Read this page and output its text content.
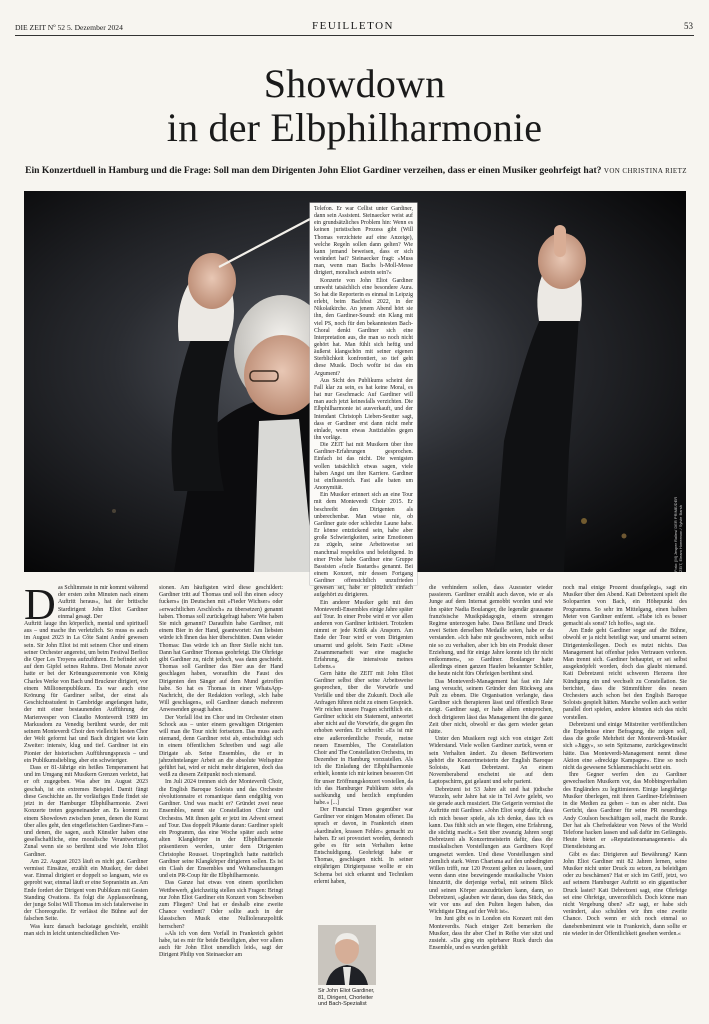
DIE ZEIT Nº 52 5. Dezember 2024	FEUILLETON	53
Showdown
in der Elbphilharmonie
Ein Konzertduell in Hamburg und die Frage: Soll man dem Dirigenten John Eliot Gardiner verzeihen, dass er einen Musiker geohrfeigt hat? VON CHRISTINA RIETZ
Foto: [M] Jesper Ralles/ DER PRIME/DER ZEIT, Eleam Hoeeenon / Sylvie Barsh

Telefon. Er war Cellist unter Gardiner, dann sein Assistent. Steinaecker weist auf ein grundsätzliches Problem hin: Wenn es keinen juristischen Prozess gibt (Will Thomas verzichtete auf eine Anzeige), welche Regeln sollen dann gelten? Wie kann jemand beweisen, dass er sich verändert hat? Steinaecker fragt: »Muss man, wenn man Bachs h-Moll-Messe dirigiert, moralisch astrein sein?«

Konzerte von John Eliot Gardiner umweht tatsächlich eine besondere Aura. So hat die Reporterin es einmal in Leipzig erlebt, beim Bachfest 2022, in der Nikolaikirche. An jenem Abend hört sie ihn, den Gardiner-Sound: ein Klang mit viel PS, noch für den bekanntesten Bach-Choral denkt Gardiner sich eine Interpretation aus, die man so noch nicht gehört hat. Man fühlt sich heftig und äußerst klangschön mit seiner eigenen Sterblichkeit konfrontiert, so tief geht diese Musik. Doch wofür ist das ein Argument?

Aus Sicht des Publikums scheint der Fall klar zu sein, es hat keine Moral, es hat nur Geschmack: Auf Gardiner will man auch jetzt keinesfalls verzichten. Die Elbphilharmonie ist ausverkauft, und der Intendant Christoph Lieben-Seutter sagt, dass er Gardiner erst dann nicht mehr einlade, wenn etwas Justiziables gegen ihn vorläge.

Die ZEIT hat mit Musikern über ihre Gardiner-Erfahrungen gesprochen. Einfach ist das nicht. Die wenigsten wollen tatsächlich etwas sagen, viele haben Angst um ihre Karriere. Gardiner ist einflussreich. Fast alle baten um Anonymität.

Ein Musiker erinnert sich an eine Tour mit dem Monteverdi Choir 2015. Er beschreibt den Dirigenten als unberechenbar. Man wisse nie, ob Gardiner gute oder schlechte Laune habe. Er könne entzückend sein, habe aber große Schwierigkeiten, seine Emotionen zu zügeln, seine Arbeitsweise sei manchmal respektlos und beleidigend. In einer Probe habe Gardiner eine Gruppe Bassisten »fucle Bastards« genannt. Bei einem Konzert, mir dessen Fortgang Gardiner offensichtlich unzufrieden gewesen sei, habe er plötzlich einfach aufgehört zu dirigieren.

Ein anderer Musiker geht mit den Monteverdi-Ensembles einige Jahre später auf Tour. In einer Probe wird er vor allen anderen von Gardiner kritisiert. Trotzdem nimmt er jede Kritik als Ansporn. Am Ende der Tour wird er vom Dirigenten umarmt und gelobt. Sein Fazit: »Diese Zusammenarbeit war eine magische Erfahrung, die intensivste meines Lebens.«

Gern hätte die ZEIT mit John Eliot Gardiner selbst über seine Arbeitsweise gesprochen, über die Vorwürfe und Vorfälle und über die Zukunft. Doch alle Anfragen führen nicht zu einem Gespräch. Wir reichen unsere Fragen schriftlich ein. Gardiner schickt ein Statement, antwortet aber nicht auf die Vorwürfe, die gegen ihn erhoben werden. Er schreibt: »Es ist mir eine außerordentliche Freude, meine neuen Ensembles, The Constellation Choir and The Constellation Orchestra, im Dezember in Hamburg vorzustellen. Als ich die Einladung der Elbphilharmonie erhielt, konnte ich mir keinen besseren Ort für unser Eröffnungskonzert vorstellen, da ich das Hamburger Publikum stets als sachkundig und herzlich empfunden habe.« [...]

Der Financial Times gegenüber war Gardiner vor einigen Monaten offener. Da sprach er davon, in Frankreich einen »kardinalen, krassen Fehler« gemacht zu haben. Er sei provoziert worden, dennoch gebe es für sein Verhalten keine Entschuldigung. Geohrfeigt habe er Thomas, geschlagen nicht. In seiner einjährigen Dirigierpause wollte er ein Schema bei sich erkannt und Techniken erlernt haben,

D as Schlimmste in mir kommt während der ersten zehn Minuten nach einem Auftritt heraus«, hat der britische Stardirigent John Eliot Gardiner einmal gesagt. Der

Auftritt lauge ihn körperlich, mental und spirituell aus – und mache ihn verletzlich. So muss es auch im August 2023 in La Côte Saint André gewesen sein. Sir John Eliot ist mit seinem Chor und einem seiner Orchester angereist, um beim Festival Berlioz die Oper Les Troyens aufzuführen. Er befindet sich auf dem Gipfel seines Ruhms. Drei Monate zuvor hatte er bei der Krönungszeremonie von König Charles Werke von Bach und Bruckner dirigiert, vor einem Millionenpublikum. Es war auch eine Krönung für Gardiner selbst, der einst als Geschichtsstudent in Cambridge angefangen hatte, der mit einer bestaunenden Aufführung der Marienvesper von Claudio Monteverdi 1989 im Markusdom zu Venedig berühmt wurde, der mit seinem Monteverdi Choir den vielleicht besten Chor der Welt geformt hat und Bach dirigiert wie kein Zweiter: intensiv, klug und tief. Gardiner ist ein Pionier der historischen Aufführungspraxis – und ein Publikumsliebling, aber ein schwieriger.

Dass er 81-Jährige ein heißes Temperament hat und im Umgang mit Musikern Grenzen verletzt, hat er oft zugegeben. Was aber im August 2023 geschah, ist ein extremes Beispiel. Damit fängt diese Geschichte an. Ihr vorläufiges Ende findet sie jetzt in der Hamburger Elbphilharmonie. Zwei Konzerte treten gegeneinander an. Es kommt zu einem Showdown zwischen jenen, denen die Kunst über alles geht, den eingefleischten Gardiner-Fans – und denen, die sagen, auch Künstler haben eine gesellschaftliche, eine moralische Verantwortung. Zunal wenn sie so berühmt sind wie John Eliot Gardiner.

Am 22. August 2023 läuft es nicht gut. Gardiner vermisst Einsätze, erzählt ein Musiker, der dabei war. Einmal dirigiert er doppelt so langsam, wie es geprobt war, einmal läuft er eine Sopranistin an. Am Ende fordert der Dirigent vom Publikum mit Gesten Standing Ovations. Es folgt die Applausordnung, der junge Solist Will Thomas im sich fatalerweise in der Choreografie. Er verlässt die Bühne auf der falschen Seite.

Was kurz danach backstage geschieht, erzählt man sich in leicht unterschiedlichen Ver-

sionen. Am häufigsten wird diese geschildert: Gardiner tritt auf Thomas und soll ihn einen »docy fuckers« (in Deutschen mit »Fieder Wichser« oder »erwachtlichen Arschloch« zu übersetzen) genannt haben. Thomas soll zurückgefragt haben: Wie haben Sie mich genannt? Daraufhin habe Gardiner, mit einem Bier in der Hand, geantwortet: Am liebsten würde ich Ihnen das hier überschütten. Dann wieder Thomas: Das würde ich an Ihrer Stelle nicht tun. Dann hat Gardiner Thomas geohrfeigt. Die Ohrfeige gibt Gardiner zu, nicht jedoch, was dann geschieht. Thomas soll Gardiner das Bier aus der Hand geschlagen haben, woraufhin die Faust des Dirigenten den Sänger auf dem Mund getroffen habe. So hat es Thomas in einer WhatsApp-Nachricht, die der Redaktion vorliegt, »Ich habe Will geschlagen«, soll Gardiner danach mehreren Anwesenden gesagt haben.

Der Vorfall löst im Chor und im Orchester einen Schock aus – unter einem gewaltigen Dirigenten will man die Tour nicht fortsetzen. Das muss auch niemand, denn Gardiner reist ab, entschuldigt sich in einem öffentlichen Schreiben und sagt alle Dirigate ab. Seine Ensembles, die er in jahrzehntelanger Arbeit an die absolute Weltspitze geführt hat, wird er nicht mehr dirigieren, doch das weiß zu diesem Zeitpunkt noch niemand.

Im Juli 2024 trennen sich der Monteverdi Choir, die English Baroque Soloists und das Orchestre révolutionnaire et romantique dann endgültig von Gardiner. Und was macht er? Gründet zwei neue Ensembles, nennt sie Constellation Choir und Orchestra. Mit ihnen geht er jetzt im Advent erneut auf Tour. Das doppelt Pikante daran: Gardiner spielt ein Programm, das eine Woche später auch seine alten Klangkörper in der Elbphilharmonie präsentieren werden, unter dem Dirigenten Christophe Rousset. Ursprünglich hatte natürlich Gardiner seine Klangkörper dirigieren sollen. Es ist ein Clash der Ensembles und Weltanschauungen und ein PR-Coup für die Elbphilharmonie.

Das Ganze hat etwas von einem sportlichen Wettbewerb, gleichzeitig stellen sich Fragen: Bringt nur John Eliot Gardiner ein Konzert vom Schweben zum Fliegen? Und hat er deshalb eine zweite Chance verdient? Oder sollte auch in der klassischen Musik eine Nulltoleranzpolitik herrschen?

»Als ich von dem Vorfall in Frankreich gehört habe, tat es mir für beide Beteiligten, aber vor allem auch für John Eliot unendlich leid«, sagt der Dirigent Philip von Steinaecker am

die verhindern sollen, dass Ausraster wieder passieren. Gardiner erzählt auch davon, wie er als Junge auf dem Internat gemobbt worden und wie ihn später Nadia Boulanger, die legendär grausame französische Musikpädagogin, einem strengen Regime unterzogen habe. Dass Brillanz und Druck zwei Seiten derselben Medaille seien, habe er da verstanden. »Ich habe mir geschworen, mich selbst nie so zu verhalten, aber ich bin ein Produkt dieser Erziehung, und für einige Jahre konnte ich ihr nicht entkommen«, so Gardiner. Boulanger hatte allerdings einen ganzen Haufen bekannter Schüler, die heute nicht fürs Ohrfeigen berühmt sind.

Das Monteverdi-Management hat fast ein Jahr lang versucht, seinem Gründer den Rückweg ans Pult zu ebnen. Die Organisation verlangte, dass Gardiner sich therapieren lässt und öffentlich Reue zeigt. Gardiner sagt, er habe allem entsprochen, doch dirigieren lässt das Management ihn die ganze Zeit über nicht, obwohl er das gern wieder getan hätte.

Unter den Musikern regt sich von einiger Zeit Widerstand. Viele wollen Gardiner zurück, wenn er sein Verhalten ändert. Zu diesen Befürwortern gehört die Konzertmeisterin der English Baroque Soloists, Kati Debretzeni. An einem Novemberabend erscheint sie auf dem Laptopschirm, gut gelaunt und sehr parient.

Debretzeni ist 53 Jahre alt und hat jüdische Wurzeln, sehr Jahre hat sie in Tel Aviv gelebt, wo sie gerade auch musiziert. Die Geigerin vermisst die Auftritte mit Gardiner. »John Eliot sorgt dafür, dass ich mich besser spiele, als ich denke, dass ich es kann. Das fühlt sich an wie fliegen, eine Erfahrung, die süchtig macht.« Seit über zwanzig Jahren sorgt Debretzeni als Konzertmeisterin dafür, dass die musikalischen Vorstellungen aus Gardiners Kopf umgesetzt werden. Und diese Vorstellungen sind ziemlich stark. Wenn Charisma auf den unbedingten Willen trifft, nur 120 Prozent gelten zu lassen, und wenn dann eine bezwingende musikalische Vision hinzutritt, die derjenige verbal, mit seinem Blick und seinen Körper auszudrücken kann, dann, so Debretzeni, »glauben wir daran, dass das Stück, das wir vor uns auf den Pulten liegen haben, das Wichtigste Ding auf der Welt ist«.

Im Juni gibt es in London ein Konzert mit den Monteverdis. Nach einiger Zeit bemerken die Musiker, dass ihr aber Chef in Reihe vier sitzt und zusieht. »Da ging ein spürbarer Ruck durch das Ensemble, und es wurden gefühlt

noch mal einige Prozent draufgelegt«, sagt ein Musiker über den Abend. Kati Debretzeni spielt die Soloparrien von Bach, ein Höhepunkt des Programms. So sehr im Mittelgang, einen halben Meter von Gardiner entfernt. »Habe ich es besser gemacht als sonst? Ich hoffe«, sagt sie.

Am Ende geht Gardiner sogar auf die Bühne, obwohl er ja nicht beteiligt war, und umarmt seinen Dirigentenkollegen. Doch es nutzt nichts. Das Management hat offenbar jedes Vertrauen verloren. Man trennt sich. Gardiner behauptet, er sei selbst ausgeknöpfelt worden, doch das glaubt niemand. Kati Debretzeni reicht schweren Herzens ihre Kündigung ein und wechselt zu Constellation. Sie berichtet, dass die Stimmführer des neuen Orchesters auch schon bei den English Baroque Soloists gespielt hätten. Manche wollen auch weiter parallel dort spielen, andere könnten sich das nicht vorstellen.

Debretzeni und einige Mitstreiter veröffentlichen die Ergebnisse einer Befragung, die zeigen soll, dass die große Mehrheit der Monteverdi-Musiker sich »Jiggy«, so sein Spitzname, zurückgewünscht hätte. Das Monteverdi-Management nennt diese Aktion eine »dreckige Kampagne«. Eine so noch nicht da gewesene Schlammschlacht setzt ein.

Ihre Gegner werfen den zu Gardiner gewechselten Musikern vor, das Mobbingverhalten des Engländers zu legitimieren. Einige langjährige Musiker überlegen, mit ihren Gardiner-Erlebnissen in die Medien zu gehen – tun es aber nicht. Das Gerücht, dass Gardiner für seine PR neuerdings Andy Coulson beschäftigen soll, macht die Runde. Der hat als Chefredakteur von News of the World Telefone hacken lassen und saß dafür im Gefängnis. Heute bietet er »Reputationsmanagement« als Dienstleistung an.

Gibt es das: Dirigieren auf Bewährung? Kann John Eliot Gardiner mit 82 Jahren lernen, seine Musiker nicht unter Druck zu setzen, zu beleidigen oder zu beschämen? Hat er sich im Griff, jetzt, wo auf seinem Hamburger Auftritt so ein gigantischer Druck lastet? Kati Debretzeni sagt, eine Ohrfeige sei eine Ohrfeige, unverzeihlich. Doch könne man nicht Vergebung üben? »Er sagt, er habe sich verändert, also schulden wir ihm eine zweite Chance. Doch wenn er sich noch einmal so danebenbenimmt wie in Frankreich, dann sollte er nie wieder in der Öffentlichkeit gesehen werden.«

Sir John Eliot Gardiner,
81, Dirigent, Chorleiter
und Bach-Spezialist
